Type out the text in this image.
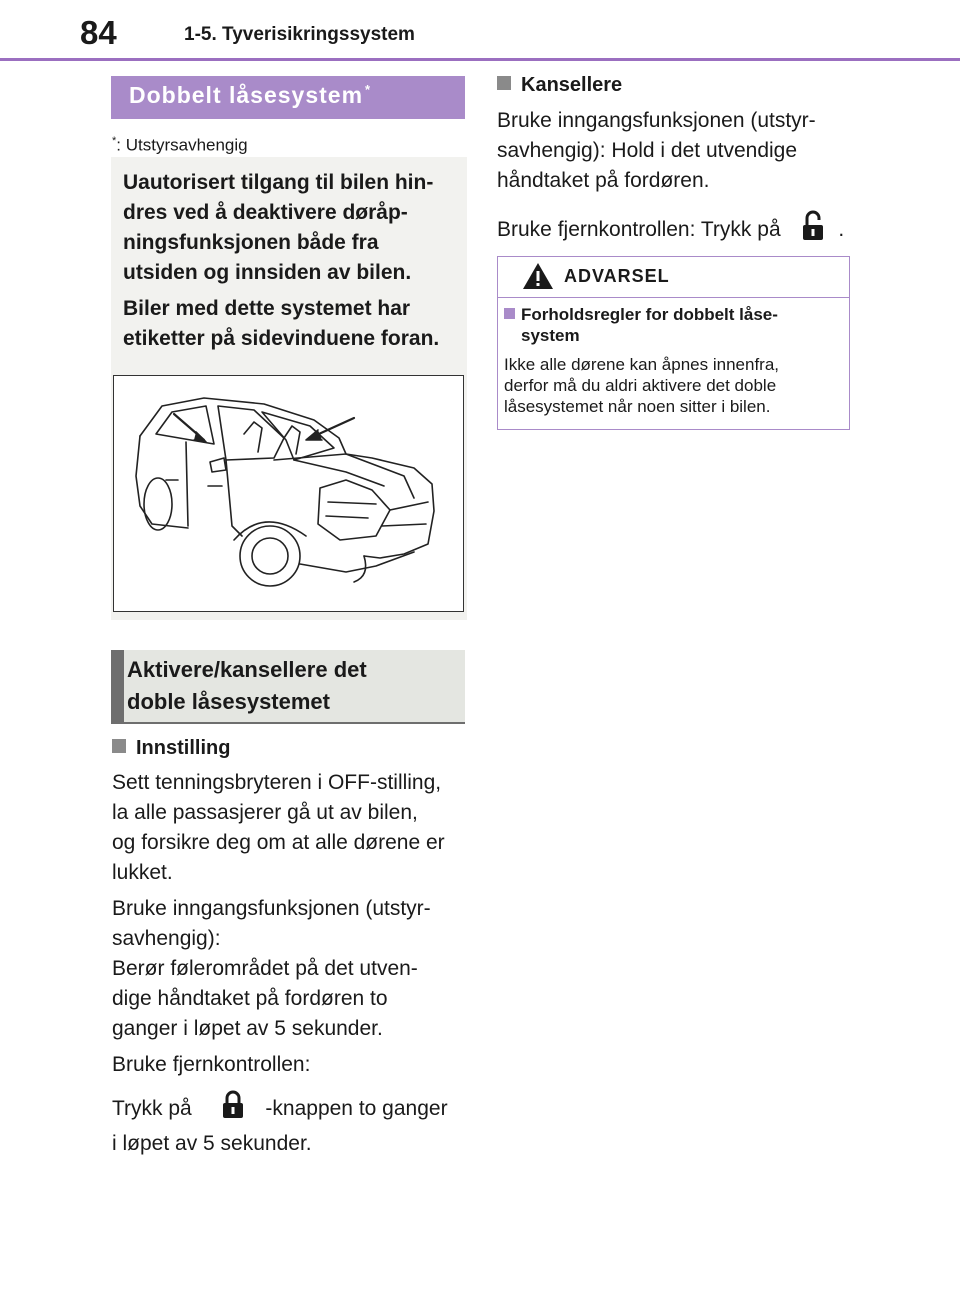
84	1-5. Tyverisikringssystem
Dobbelt låsesystem *
*: Utstyrsavhengig
Uautorisert tilgang til bilen hin-
dres ved å deaktivere døråp-
ningsfunksjonen både fra
utsiden og innsiden av bilen.
Biler med dette systemet har
etiketter på sidevinduene foran.
Aktivere/kansellere det
doble låsesystemet
Innstilling
Sett tenningsbryteren i OFF-stilling,
la alle passasjerer gå ut av bilen,
og forsikre deg om at alle dørene er
lukket.
Bruke inngangsfunksjonen (utstyr-
savhengig):
Berør følerområdet på det utven-
dige håndtaket på fordøren to
ganger i løpet av 5 sekunder.
Bruke fjernkontrollen:
Trykk på	-knappen to ganger
i løpet av 5 sekunder.
Kansellere
Bruke inngangsfunksjonen (utstyr-
savhengig): Hold i det utvendige
håndtaket på fordøren.
Bruke fjernkontrollen: Trykk på	.
ADVARSEL
Forholdsregler for dobbelt låse-
system
Ikke alle dørene kan åpnes innenfra,
derfor må du aldri aktivere det doble
låsesystemet når noen sitter i bilen.
